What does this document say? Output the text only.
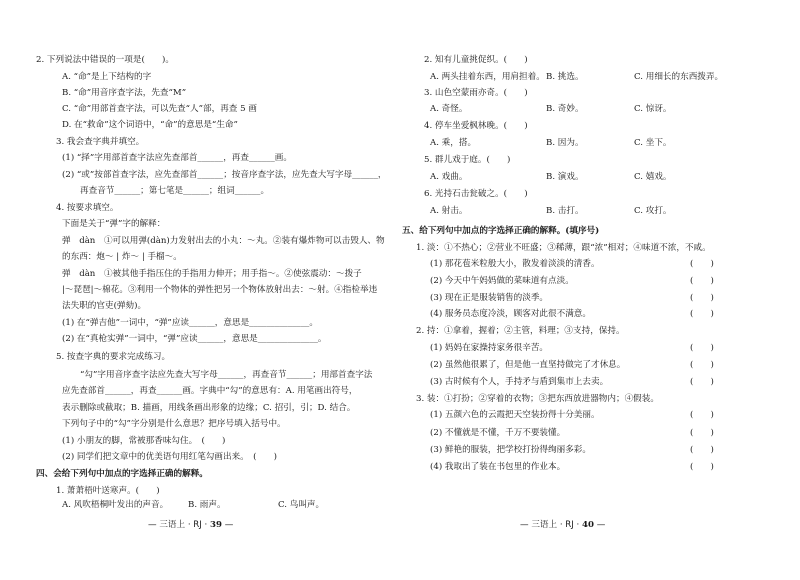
2. 下列说法中错误的一项是(　　)。
A. “命”是上下结构的字
B. “命”用音序查字法，先查“M”
C. “命”用部首查字法，可以先查“人”部，再查 5 画
D. 在“救命”这个词语中，“命”的意思是“生命”
3. 我会查字典并填空。
(1) “择”字用部首查字法应先查部首______，再查______画。
(2) “或”按部首查字法，应先查部首______；按音序查字法，应先查大写字母______，
再查音节______；第七笔是______；组词______。
4. 按要求填空。
下面是关于“弹”字的解释：
弹　dàn　①可以用弹(dàn)力发射出去的小丸：～丸。②装有爆炸物可以击毁人、物
的东西：炮～ | 炸～ | 手榴～。
弹　dàn　①被其他手指压住的手指用力伸开；用手指～。②使弦震动：～拨子
|～琵琶|～棉花。③利用一个物体的弹性把另一个物体放射出去：～射。④指检举违
法失职的官吏(弹劾)。
(1) 在“弹吉他”一词中，“弹”应读______，意思是______________。
(2) 在“真枪实弹”一词中，“弹”应读______，意思是______________。
5. 按查字典的要求完成练习。
“勾”字用音序查字法应先查大写字母______，再查音节______；用部首查字法
应先查部首______，再查______画。字典中“勾”的意思有：A. 用笔画出符号，
表示删除或截取；B. 描画，用线条画出形象的边缘；C. 招引，引；D. 结合。
下列句子中的“勾”字分别是什么意思？把序号填入括号中。
(1) 小朋友的脚，常被那香味勾住。　(　　)
(2) 同学们把文章中的优美语句用红笔勾画出来。　(　　)
四、会给下列句中加点的字选择正确的解释。
1. 萧萧梧叶送寒声。(　　)
A. 风吹梧桐叶发出的声音。 B. 雨声。	C. 鸟叫声。
— 三语上 · RJ · 39 —
2. 知有儿童挑促织。(　　)
A. 两头挂着东西，用肩担着。 B. 挑选。	C. 用细长的东西拨弄。
3. 山色空蒙雨亦奇。(　　)
A. 奇怪。	B. 奇妙。	C. 惊讶。
4. 停车坐爱枫林晚。(　　)
A. 乘，搭。	B. 因为。	C. 坐下。
5. 群儿戏于庭。(　　)
A. 戏曲。	B. 演戏。	C. 嬉戏。
6. 光持石击瓮破之。(　　)
A. 射击。	B. 击打。	C. 攻打。
五、给下列句中加点的字选择正确的解释。(填序号)
1. 淡：①不热心；②营业不旺盛；③稀薄，跟“浓”相对；④味道不浓，不咸。
(1) 那花苞米粒般大小，散发着淡淡的清香。	(　　)
(2) 今天中午妈妈做的菜味道有点淡。	(　　)
(3) 现在正是服装销售的淡季。	(　　)
(4) 服务员态度冷淡，顾客对此很不满意。	(　　)
2. 持：①拿着，握着；②主管，料理；③支持，保持。
(1) 妈妈在家操持家务很辛苦。	(　　)
(2) 虽然他很累了，但是他一直坚持做完了才休息。	(　　)
(3) 古时候有个人，手持矛与盾到集市上去卖。	(　　)
3. 装：①打扮；②穿着的衣物；③把东西放进器物内；④假装。
(1) 五颜六色的云霞把天空装扮得十分美丽。	(　　)
(2) 不懂就是不懂，千万不要装懂。	(　　)
(3) 鲜艳的服装，把学校打扮得绚丽多彩。	(　　)
(4) 我取出了装在书包里的作业本。	(　　)
— 三语上 · RJ · 40 —
